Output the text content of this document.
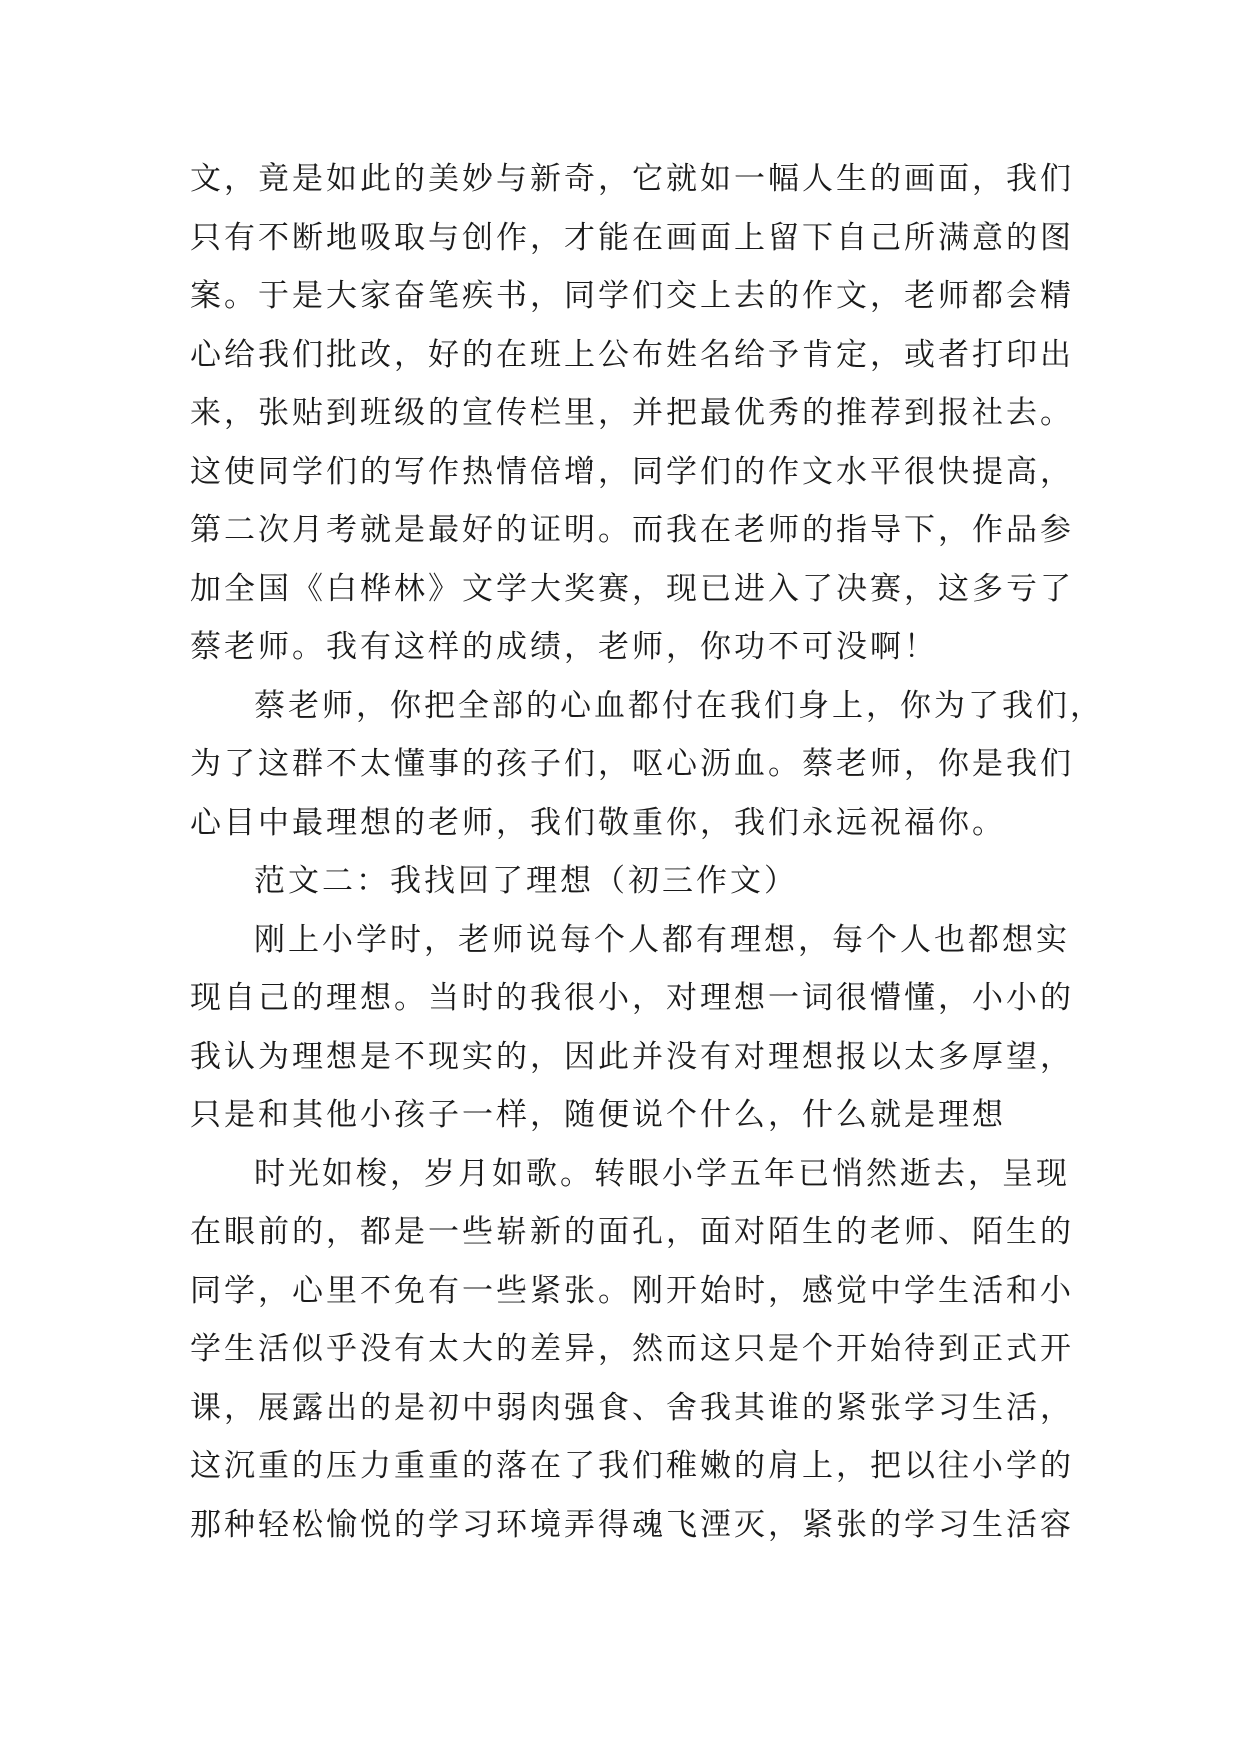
文，竟是如此的美妙与新奇，它就如一幅人生的画面，我们
只有不断地吸取与创作，才能在画面上留下自己所满意的图
案。于是大家奋笔疾书，同学们交上去的作文，老师都会精
心给我们批改，好的在班上公布姓名给予肯定，或者打印出
来，张贴到班级的宣传栏里，并把最优秀的推荐到报社去。
这使同学们的写作热情倍增，同学们的作文水平很快提高，
第二次月考就是最好的证明。而我在老师的指导下，作品参
加全国《白桦林》文学大奖赛，现已进入了决赛，这多亏了
蔡老师。我有这样的成绩，老师，你功不可没啊！
蔡老师，你把全部的心血都付在我们身上，你为了我们，
为了这群不太懂事的孩子们，呕心沥血。蔡老师，你是我们
心目中最理想的老师，我们敬重你，我们永远祝福你。
范文二：我找回了理想（初三作文）
刚上小学时，老师说每个人都有理想，每个人也都想实
现自己的理想。当时的我很小，对理想一词很懵懂，小小的
我认为理想是不现实的，因此并没有对理想报以太多厚望，
只是和其他小孩子一样，随便说个什么，什么就是理想
时光如梭，岁月如歌。转眼小学五年已悄然逝去，呈现
在眼前的，都是一些崭新的面孔，面对陌生的老师、陌生的
同学，心里不免有一些紧张。刚开始时，感觉中学生活和小
学生活似乎没有太大的差异，然而这只是个开始待到正式开
课，展露出的是初中弱肉强食、舍我其谁的紧张学习生活，
这沉重的压力重重的落在了我们稚嫩的肩上，把以往小学的
那种轻松愉悦的学习环境弄得魂飞湮灭，紧张的学习生活容
